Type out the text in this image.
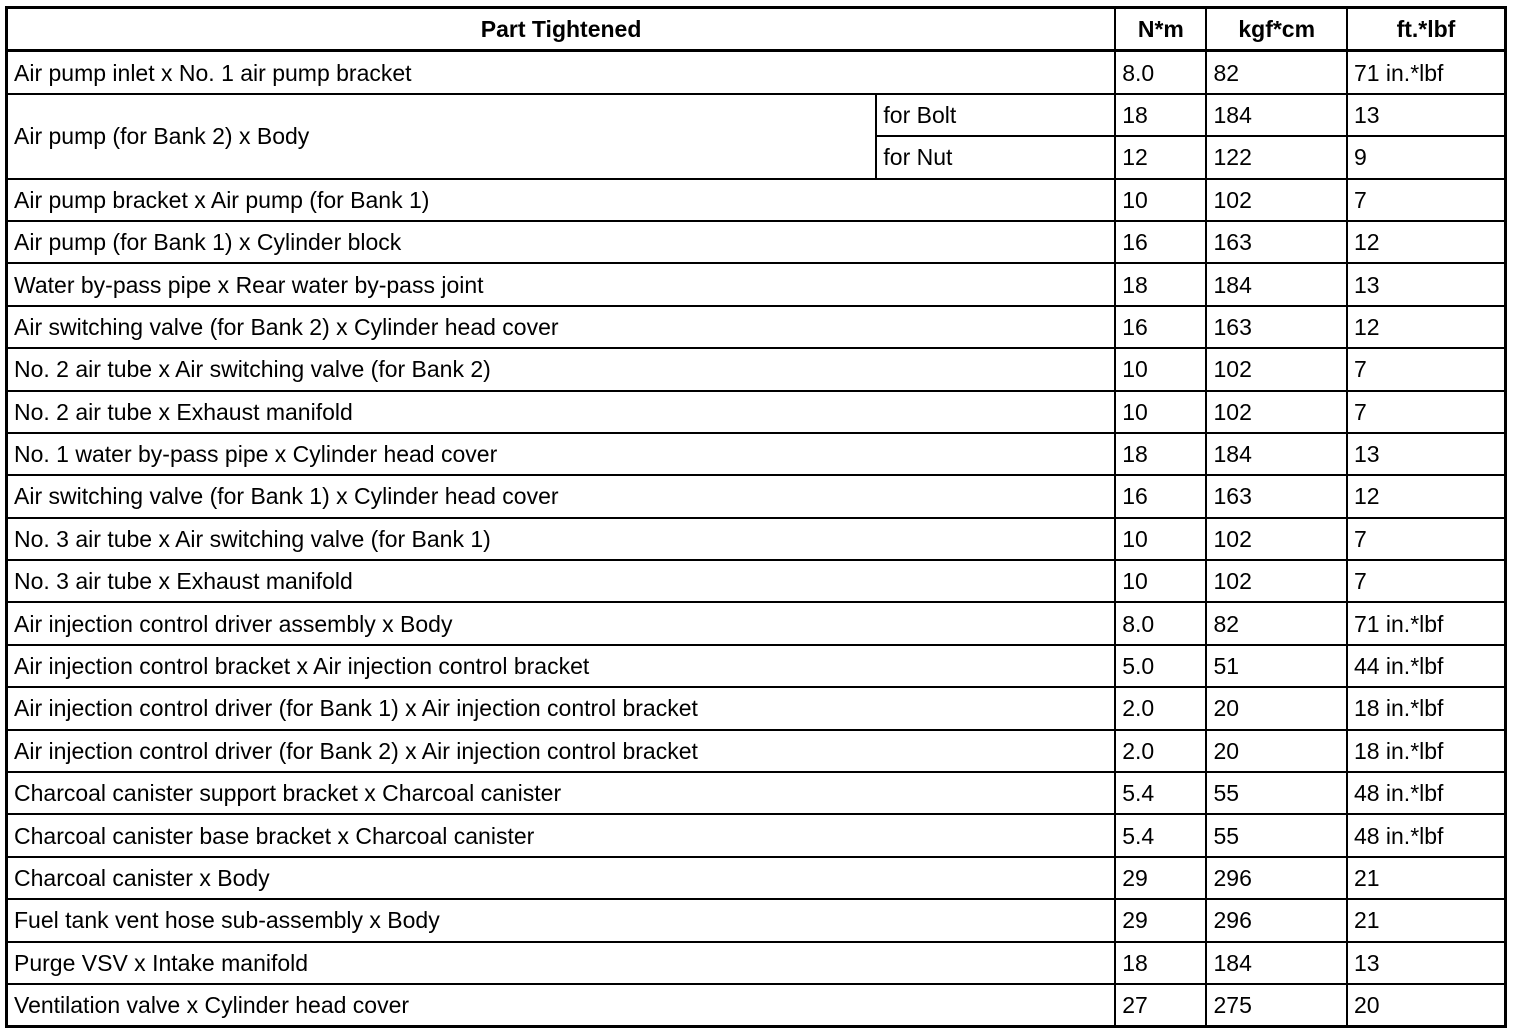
Part Tightened		N*m	kgf*cm	ft.*lbf
Air pump inlet x No. 1 air pump bracket		8.0	82	71 in.*lbf
Air pump (for Bank 2) x Body	for Bolt	18	184	13
	for Nut	12	122	9
Air pump bracket x Air pump (for Bank 1)		10	102	7
Air pump (for Bank 1) x Cylinder block		16	163	12
Water by-pass pipe x Rear water by-pass joint		18	184	13
Air switching valve (for Bank 2) x Cylinder head cover		16	163	12
No. 2 air tube x Air switching valve (for Bank 2)		10	102	7
No. 2 air tube x Exhaust manifold		10	102	7
No. 1 water by-pass pipe x Cylinder head cover		18	184	13
Air switching valve (for Bank 1) x Cylinder head cover		16	163	12
No. 3 air tube x Air switching valve (for Bank 1)		10	102	7
No. 3 air tube x Exhaust manifold		10	102	7
Air injection control driver assembly x Body		8.0	82	71 in.*lbf
Air injection control bracket x Air injection control bracket		5.0	51	44 in.*lbf
Air injection control driver (for Bank 1) x Air injection control bracket		2.0	20	18 in.*lbf
Air injection control driver (for Bank 2) x Air injection control bracket		2.0	20	18 in.*lbf
Charcoal canister support bracket x Charcoal canister		5.4	55	48 in.*lbf
Charcoal canister base bracket x Charcoal canister		5.4	55	48 in.*lbf
Charcoal canister x Body		29	296	21
Fuel tank vent hose sub-assembly x Body		29	296	21
Purge VSV x Intake manifold		18	184	13
Ventilation valve x Cylinder head cover		27	275	20
